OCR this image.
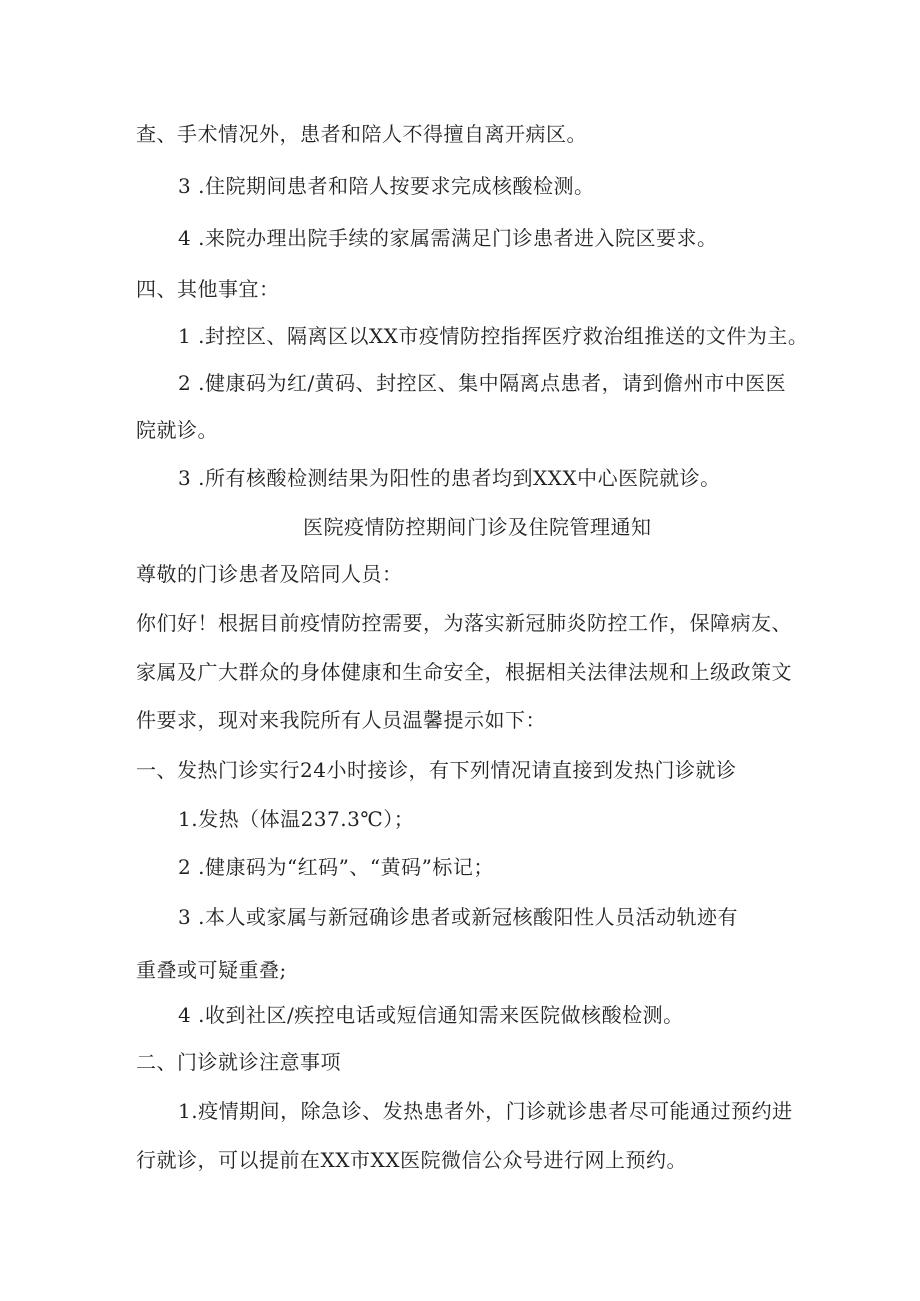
查、手术情况外，患者和陪人不得擅自离开病区。
3 .住院期间患者和陪人按要求完成核酸检测。
4 .来院办理出院手续的家属需满足门诊患者进入院区要求。
四、其他事宜：
1 .封控区、隔离区以XX市疫情防控指挥医疗救治组推送的文件为主。
2 .健康码为红/黄码、封控区、集中隔离点患者，请到儋州市中医医
院就诊。
3 .所有核酸检测结果为阳性的患者均到XXX中心医院就诊。
医院疫情防控期间门诊及住院管理通知
尊敬的门诊患者及陪同人员：
你们好！根据目前疫情防控需要，为落实新冠肺炎防控工作，保障病友、
家属及广大群众的身体健康和生命安全，根据相关法律法规和上级政策文
件要求，现对来我院所有人员温馨提示如下：
一、发热门诊实行24小时接诊，有下列情况请直接到发热门诊就诊
1.发热（体温237.3℃）；
2 .健康码为“红码”、“黄码”标记；
3 .本人或家属与新冠确诊患者或新冠核酸阳性人员活动轨迹有
重叠或可疑重叠;
4 .收到社区/疾控电话或短信通知需来医院做核酸检测。
二、门诊就诊注意事项
1.疫情期间，除急诊、发热患者外，门诊就诊患者尽可能通过预约进
行就诊，可以提前在XX市XX医院微信公众号进行网上预约。
